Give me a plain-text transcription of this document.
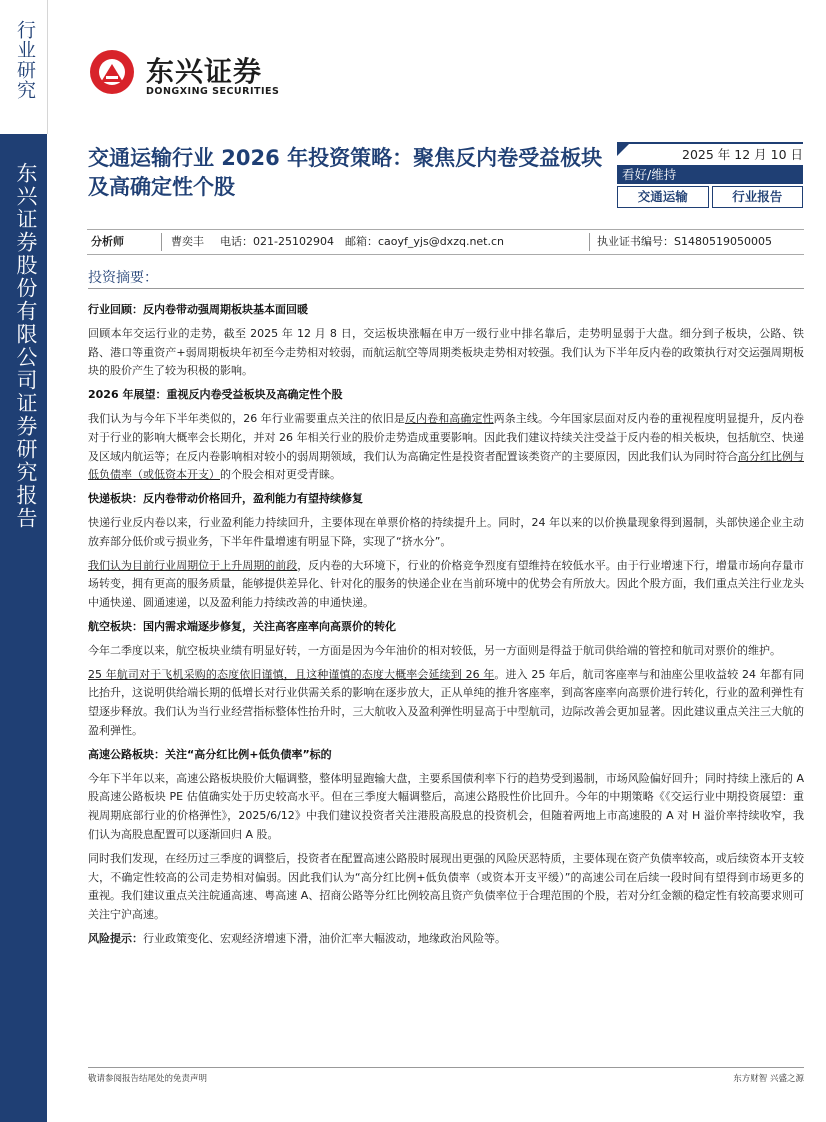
行业研究
东兴证券股份有限公司证券研究报告
东兴证券
DONGXING SECURITIES
交通运输行业 2026 年投资策略：聚焦反内卷受益板块及高确定性个股
2025 年 12 月 10 日
看好/维持
交通运输	行业报告
分析师	曹奕丰 电话：021-25102904 邮箱：caoyf_yjs@dxzq.net.cn	执业证书编号：S1480519050005
投资摘要：

行业回顾：反内卷带动强周期板块基本面回暖

回顾本年交运行业的走势，截至 2025 年 12 月 8 日，交运板块涨幅在申万一级行业中排名靠后，走势明显弱于大盘。细分到子板块，公路、铁路、港口等重资产+弱周期板块年初至今走势相对较弱，而航运航空等周期类板块走势相对较强。我们认为下半年反内卷的政策执行对交运强周期板块的股价产生了较为积极的影响。

2026 年展望：重视反内卷受益板块及高确定性个股

我们认为与今年下半年类似的，26 年行业需要重点关注的依旧是反内卷和高确定性两条主线。今年国家层面对反内卷的重视程度明显提升，反内卷对于行业的影响大概率会长期化，并对 26 年相关行业的股价走势造成重要影响。因此我们建议持续关注受益于反内卷的相关板块，包括航空、快递及区域内航运等；在反内卷影响相对较小的弱周期领域，我们认为高确定性是投资者配置该类资产的主要原因，因此我们认为同时符合高分红比例与低负债率（或低资本开支）的个股会相对更受青睐。

快递板块：反内卷带动价格回升，盈利能力有望持续修复

快递行业反内卷以来，行业盈利能力持续回升，主要体现在单票价格的持续提升上。同时，24 年以来的以价换量现象得到遏制，头部快递企业主动放弃部分低价或亏损业务，下半年件量增速有明显下降，实现了“挤水分”。

我们认为目前行业周期位于上升周期的前段，反内卷的大环境下，行业的价格竞争烈度有望维持在较低水平。由于行业增速下行，增量市场向存量市场转变，拥有更高的服务质量，能够提供差异化、针对化的服务的快递企业在当前环境中的优势会有所放大。因此个股方面，我们重点关注行业龙头中通快递、圆通速递，以及盈利能力持续改善的申通快递。

航空板块：国内需求端逐步修复，关注高客座率向高票价的转化

今年二季度以来，航空板块业绩有明显好转，一方面是因为今年油价的相对较低，另一方面则是得益于航司供给端的管控和航司对票价的维护。

25 年航司对于飞机采购的态度依旧谨慎，且这种谨慎的态度大概率会延续到 26 年。进入 25 年后，航司客座率与和油座公里收益较 24 年都有同比抬升，这说明供给端长期的低增长对行业供需关系的影响在逐步放大，正从单纯的推升客座率，到高客座率向高票价进行转化，行业的盈利弹性有望逐步释放。我们认为当行业经营指标整体性抬升时，三大航收入及盈利弹性明显高于中型航司，边际改善会更加显著。因此建议重点关注三大航的盈利弹性。

高速公路板块：关注“高分红比例+低负债率”标的

今年下半年以来，高速公路板块股价大幅调整，整体明显跑输大盘，主要系国债利率下行的趋势受到遏制，市场风险偏好回升；同时持续上涨后的 A 股高速公路板块 PE 估值确实处于历史较高水平。但在三季度大幅调整后，高速公路股性价比回升。今年的中期策略《《交运行业中期投资展望：重视周期底部行业的价格弹性》，2025/6/12》中我们建议投资者关注港股高股息的投资机会，但随着两地上市高速股的 A 对 H 溢价率持续收窄，我们认为高股息配置可以逐渐回归 A 股。

同时我们发现，在经历过三季度的调整后，投资者在配置高速公路股时展现出更强的风险厌恶特质，主要体现在资产负债率较高，或后续资本开支较大，不确定性较高的公司走势相对偏弱。因此我们认为“高分红比例+低负债率（或资本开支平缓）”的高速公司在后续一段时间有望得到市场更多的重视。我们建议重点关注皖通高速、粤高速 A、招商公路等分红比例较高且资产负债率位于合理范围的个股，若对分红金额的稳定性有较高要求则可关注宁沪高速。

风险提示：行业政策变化、宏观经济增速下滑，油价汇率大幅波动，地缘政治风险等。

敬请参阅报告结尾处的免责声明	东方财智 兴盛之源
